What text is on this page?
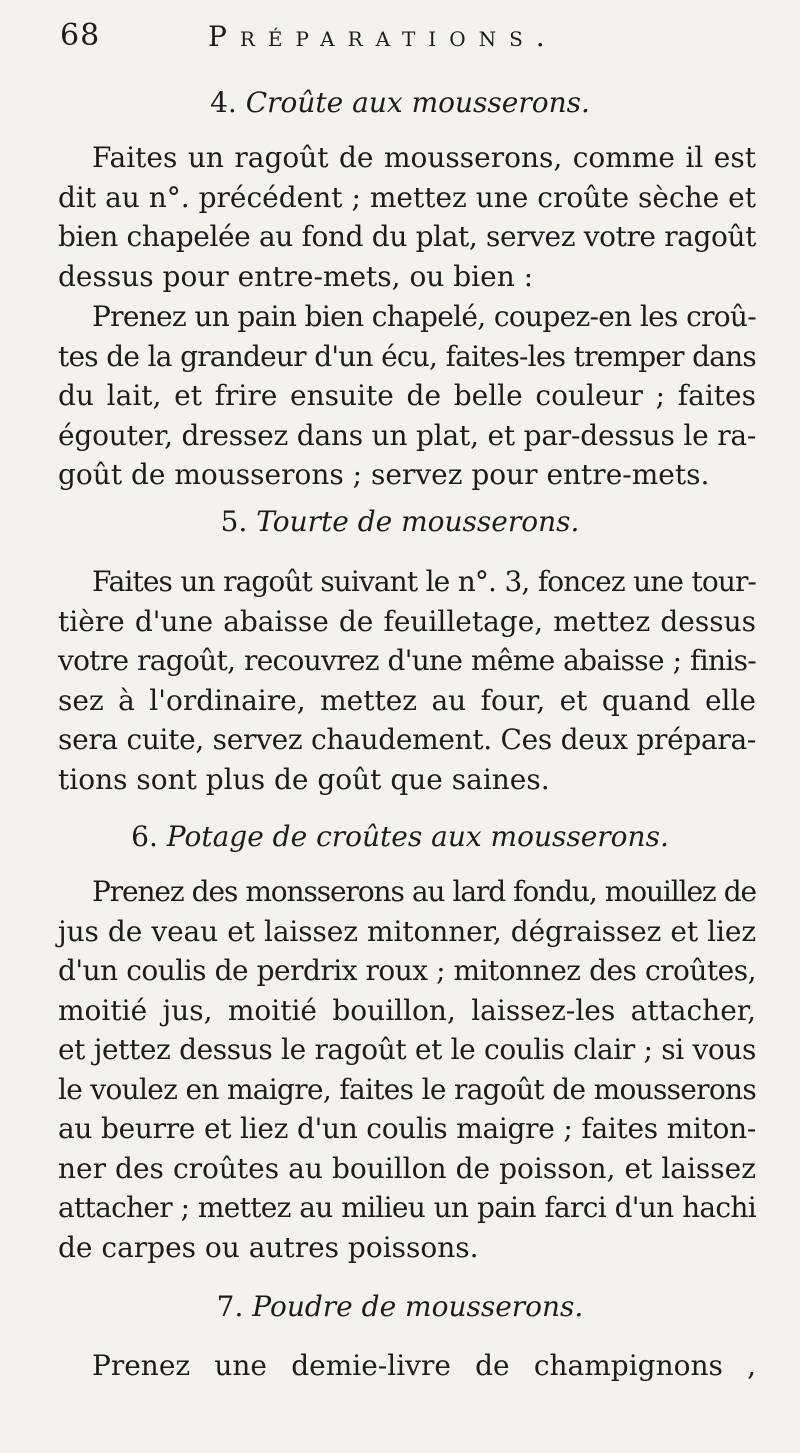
68	Préparations.
4. Croûte aux mousserons.
Faites un ragoût de mousserons, comme il est
dit au n°. précédent ; mettez une croûte sèche et
bien chapelée au fond du plat, servez votre ragoût
dessus pour entre-mets, ou bien :
Prenez un pain bien chapelé, coupez-en les croû-
tes de la grandeur d'un écu, faites-les tremper dans
du lait, et frire ensuite de belle couleur ; faites
égouter, dressez dans un plat, et par-dessus le ra-
goût de mousserons ; servez pour entre-mets.
5. Tourte de mousserons.
Faites un ragoût suivant le n°. 3, foncez une tour-
tière d'une abaisse de feuilletage, mettez dessus
votre ragoût, recouvrez d'une même abaisse ; finis-
sez à l'ordinaire, mettez au four, et quand elle
sera cuite, servez chaudement. Ces deux prépara-
tions sont plus de goût que saines.
6. Potage de croûtes aux mousserons.
Prenez des monsserons au lard fondu, mouillez de
jus de veau et laissez mitonner, dégraissez et liez
d'un coulis de perdrix roux ; mitonnez des croûtes,
moitié jus, moitié bouillon, laissez-les attacher,
et jettez dessus le ragoût et le coulis clair ; si vous
le voulez en maigre, faites le ragoût de mousserons
au beurre et liez d'un coulis maigre ; faites miton-
ner des croûtes au bouillon de poisson, et laissez
attacher ; mettez au milieu un pain farci d'un hachi
de carpes ou autres poissons.
7. Poudre de mousserons.
Prenez une demie-livre de champignons ,
